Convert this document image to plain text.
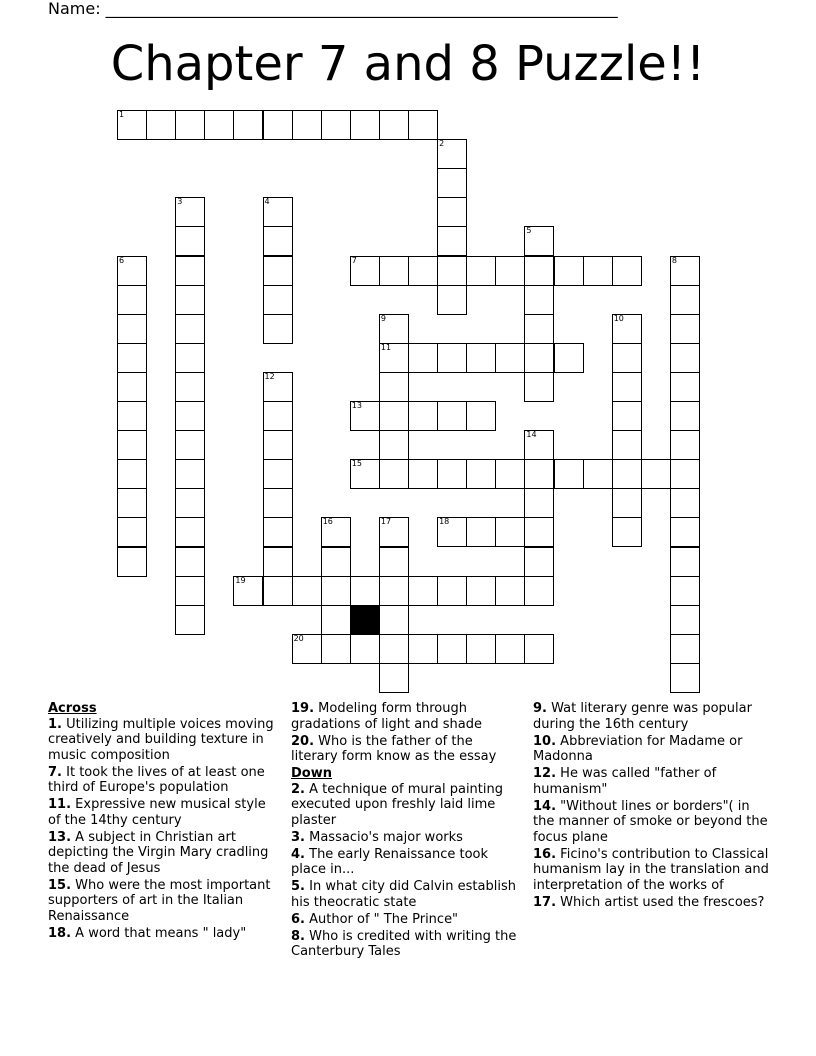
Name: ________________________________________________________________
Chapter 7 and 8 Puzzle!!
1
2
3	4
5
6	7	8
9
11
10
12
13
14
15
16	17	18
19
20
Across
1. Utilizing multiple voices moving creatively and building texture in music composition
7. It took the lives of at least one third of Europe's population
11. Expressive new musical style of the 14thy century
13. A subject in Christian art depicting the Virgin Mary cradling the dead of Jesus
15. Who were the most important supporters of art in the Italian Renaissance
18. A word that means " lady"
19. Modeling form through gradations of light and shade
20. Who is the father of the literary form know as the essay
Down
2. A technique of mural painting executed upon freshly laid lime plaster
3. Massacio's major works
4. The early Renaissance took place in...
5. In what city did Calvin establish his theocratic state
6. Author of " The Prince"
8. Who is credited with writing the Canterbury Tales
9. Wat literary genre was popular during the 16th century
10. Abbreviation for Madame or Madonna
12. He was called "father of humanism"
14. "Without lines or borders"( in the manner of smoke or beyond the focus plane
16. Ficino's contribution to Classical humanism lay in the translation and interpretation of the works of
17. Which artist used the frescoes?
